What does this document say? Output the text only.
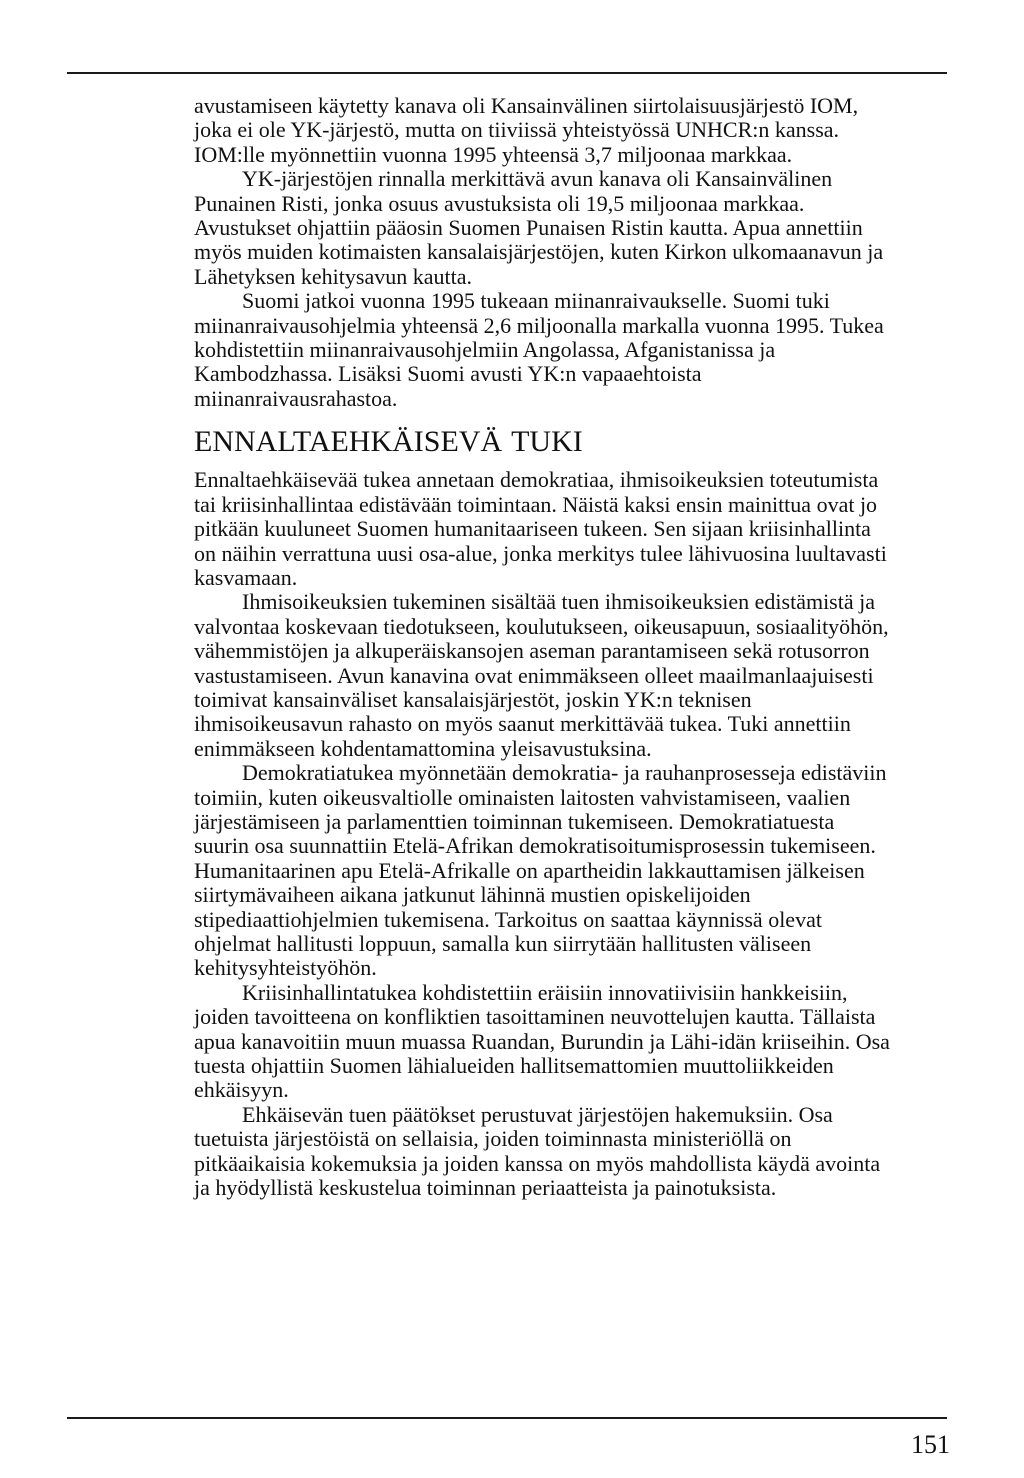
avustamiseen käytetty kanava oli Kansainvälinen siirtolaisuusjärjestö IOM, joka ei ole YK-järjestö, mutta on tiiviissä yhteistyössä UNHCR:n kanssa. IOM:lle myönnettiin vuonna 1995 yhteensä 3,7 miljoonaa markkaa.

YK-järjestöjen rinnalla merkittävä avun kanava oli Kansainvälinen Punainen Risti, jonka osuus avustuksista oli 19,5 miljoonaa markkaa. Avustukset ohjattiin pääosin Suomen Punaisen Ristin kautta. Apua annettiin myös muiden kotimaisten kansalaisjärjestöjen, kuten Kirkon ulkomaanavun ja Lähetyksen kehitysavun kautta.

Suomi jatkoi vuonna 1995 tukeaan miinanraivaukselle. Suomi tuki miinanraivausohjelmia yhteensä 2,6 miljoonalla markalla vuonna 1995. Tukea kohdistettiin miinanraivausohjelmiin Angolassa, Afganistanissa ja Kambodzhassa. Lisäksi Suomi avusti YK:n vapaaehtoista miinanraivausrahastoa.

ENNALTAEHKÄISEVÄ TUKI

Ennaltaehkäisevää tukea annetaan demokratiaa, ihmisoikeuksien toteutumista tai kriisinhallintaa edistävään toimintaan. Näistä kaksi ensin mainittua ovat jo pitkään kuuluneet Suomen humanitaariseen tukeen. Sen sijaan kriisinhallinta on näihin verrattuna uusi osa-alue, jonka merkitys tulee lähivuosina luultavasti kasvamaan.

Ihmisoikeuksien tukeminen sisältää tuen ihmisoikeuksien edistämistä ja valvontaa koskevaan tiedotukseen, koulutukseen, oikeusapuun, sosiaalityöhön, vähemmistöjen ja alkuperäiskansojen aseman parantamiseen sekä rotusorron vastustamiseen. Avun kanavina ovat enimmäkseen olleet maailmanlaajuisesti toimivat kansainväliset kansalaisjärjestöt, joskin YK:n teknisen ihmisoikeusavun rahasto on myös saanut merkittävää tukea. Tuki annettiin enimmäkseen kohdentamattomina yleisavustuksina.

Demokratiatukea myönnetään demokratia- ja rauhanprosesseja edistäviin toimiin, kuten oikeusvaltiolle ominaisten laitosten vahvistamiseen, vaalien järjestämiseen ja parlamenttien toiminnan tukemiseen. Demokratiatuesta suurin osa suunnattiin Etelä-Afrikan demokratisoitumisprosessin tukemiseen. Humanitaarinen apu Etelä-Afrikalle on apartheidin lakkauttamisen jälkeisen siirtymävaiheen aikana jatkunut lähinnä mustien opiskelijoiden stipediaattiohjelmien tukemisena. Tarkoitus on saattaa käynnissä olevat ohjelmat hallitusti loppuun, samalla kun siirrytään hallitusten väliseen kehitysyhteistyöhön.

Kriisinhallintatukea kohdistettiin eräisiin innovatiivisiin hankkeisiin, joiden tavoitteena on konfliktien tasoittaminen neuvottelujen kautta. Tällaista apua kanavoitiin muun muassa Ruandan, Burundin ja Lähi-idän kriiseihin. Osa tuesta ohjattiin Suomen lähialueiden hallitsemattomien muuttoliikkeiden ehkäisyyn.

Ehkäisevän tuen päätökset perustuvat järjestöjen hakemuksiin. Osa tuetuista järjestöistä on sellaisia, joiden toiminnasta ministeriöllä on pitkäaikaisia kokemuksia ja joiden kanssa on myös mahdollista käydä avointa ja hyödyllistä keskustelua toiminnan periaatteista ja painotuksista.

151
